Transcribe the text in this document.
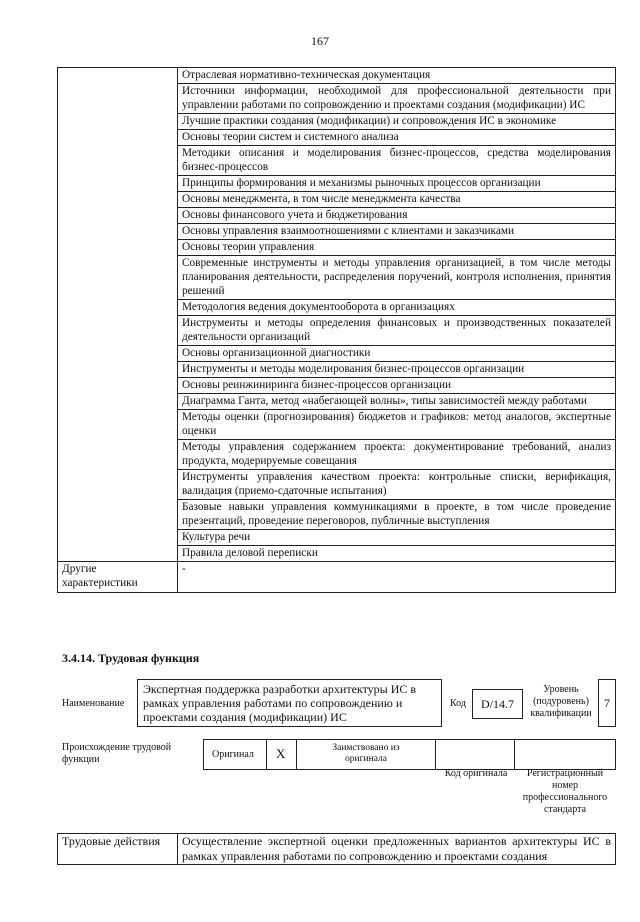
167
	Отраслевая нормативно-техническая документация
	Источники информации, необходимой для профессиональной деятельности при управлении работами по сопровождению и проектами создания (модификации) ИС
	Лучшие практики создания (модификации) и сопровождения ИС в экономике
	Основы теории систем и системного анализа
	Методики описания и моделирования бизнес-процессов, средства моделирования бизнес-процессов
	Принципы формирования и механизмы рыночных процессов организации
	Основы менеджмента, в том числе менеджмента качества
	Основы финансового учета и бюджетирования
	Основы управления взаимоотношениями с клиентами и заказчиками
	Основы теории управления
	Современные инструменты и методы управления организацией, в том числе методы планирования деятельности, распределения поручений, контроля исполнения, принятия решений
	Методология ведения документооборота в организациях
	Инструменты и методы определения финансовых и производственных показателей деятельности организаций
	Основы организационной диагностики
	Инструменты и методы моделирования бизнес-процессов организации
	Основы реинжиниринга бизнес-процессов организации
	Диаграмма Ганта, метод «набегающей волны», типы зависимостей между работами
	Методы оценки (прогнозирования) бюджетов и графиков: метод аналогов, экспертные оценки
	Методы управления содержанием проекта: документирование требований, анализ продукта, модерируемые совещания
	Инструменты управления качеством проекта: контрольные списки, верификация, валидация (приемо-сдаточные испытания)
	Базовые навыки управления коммуникациями в проекте, в том числе проведение презентаций, проведение переговоров, публичные выступления
	Культура речи
	Правила деловой переписки
Другие характеристики	-
3.4.14. Трудовая функция
Наименование
Экспертная поддержка разработки архитектуры ИС в рамках управления работами по сопровождению и проектами создания (модификации) ИС
Код	D/14.7
Уровень (подуровень) квалификации
7
Происхождение трудовой функции	Оригинал X	Заимствовано из оригинала
Код оригинала	Регистрационный номер профессионального стандарта
Трудовые действия	Осуществление экспертной оценки предложенных вариантов архитектуры ИС в рамках управления работами по сопровождению и проектами создания
